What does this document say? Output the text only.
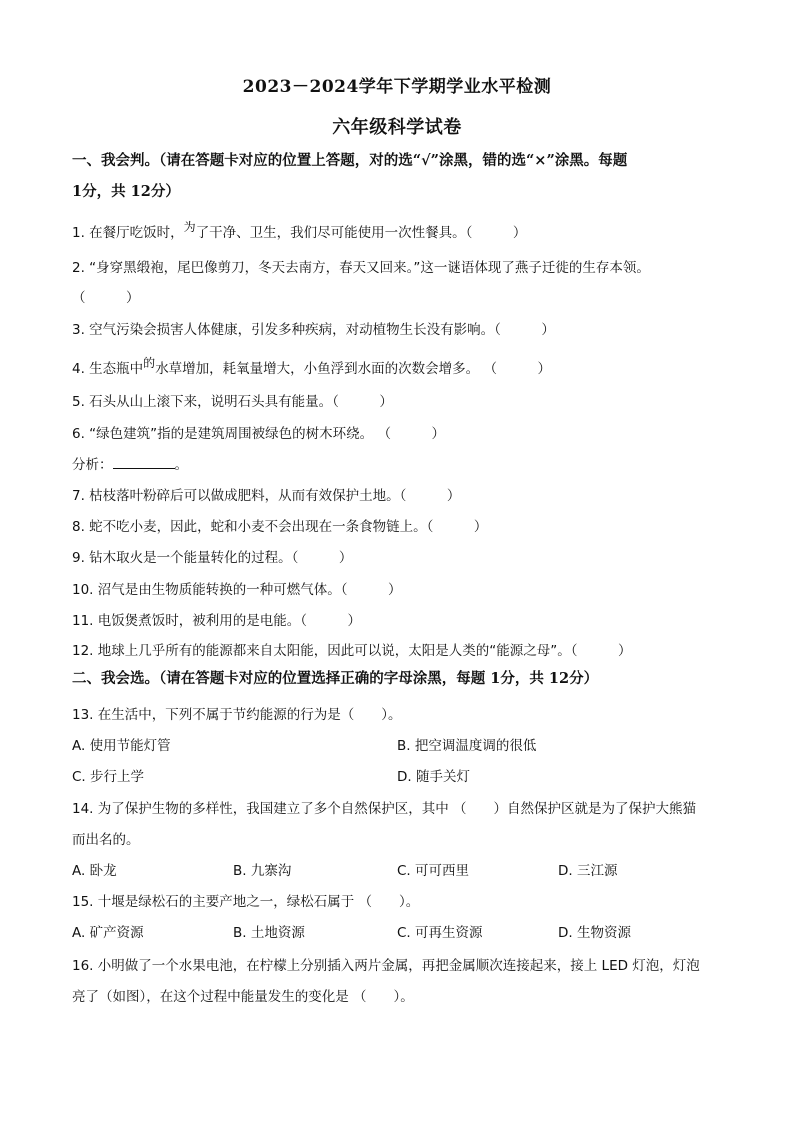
2023－2024学年下学期学业水平检测
六年级科学试卷
一、我会判。（请在答题卡对应的位置上答题，对的选“√”涂黑，错的选“×”涂黑。每题
1分，共 12分）
1. 在餐厅吃饭时，为了干净、卫生，我们尽可能使用一次性餐具。（　　　）
2. “身穿黑缎袍，尾巴像剪刀，冬天去南方，春天又回来。”这一谜语体现了燕子迁徙的生存本领。
（　　　）
3. 空气污染会损害人体健康，引发多种疾病，对动植物生长没有影响。（　　　）
4. 生态瓶中的水草增加，耗氧量增大，小鱼浮到水面的次数会增多。 （　　　）
5. 石头从山上滚下来，说明石头具有能量。（　　　）
6. “绿色建筑”指的是建筑周围被绿色的树木环绕。 （　　　）
分析：	。
7. 枯枝落叶粉碎后可以做成肥料，从而有效保护土地。（　　　）
8. 蛇不吃小麦，因此，蛇和小麦不会出现在一条食物链上。（　　　）
9. 钻木取火是一个能量转化的过程。（　　　）
10. 沼气是由生物质能转换的一种可燃气体。（　　　）
11. 电饭煲煮饭时，被利用的是电能。（　　　）
12. 地球上几乎所有的能源都来自太阳能，因此可以说，太阳是人类的“能源之母”。（　　　）
二、我会选。（请在答题卡对应的位置选择正确的字母涂黑，每题 1分，共 12分）
13. 在生活中，下列不属于节约能源的行为是（　　）。
A. 使用节能灯管	B. 把空调温度调的很低
C. 步行上学	D. 随手关灯
14. 为了保护生物的多样性，我国建立了多个自然保护区，其中 （　　）自然保护区就是为了保护大熊猫
而出名的。
A. 卧龙	B. 九寨沟	C. 可可西里	D. 三江源
15. 十堰是绿松石的主要产地之一，绿松石属于 （　　）。
A. 矿产资源	B. 土地资源	C. 可再生资源	D. 生物资源
16. 小明做了一个水果电池，在柠檬上分别插入两片金属，再把金属顺次连接起来，接上 LED 灯泡，灯泡
亮了（如图），在这个过程中能量发生的变化是 （　　）。
